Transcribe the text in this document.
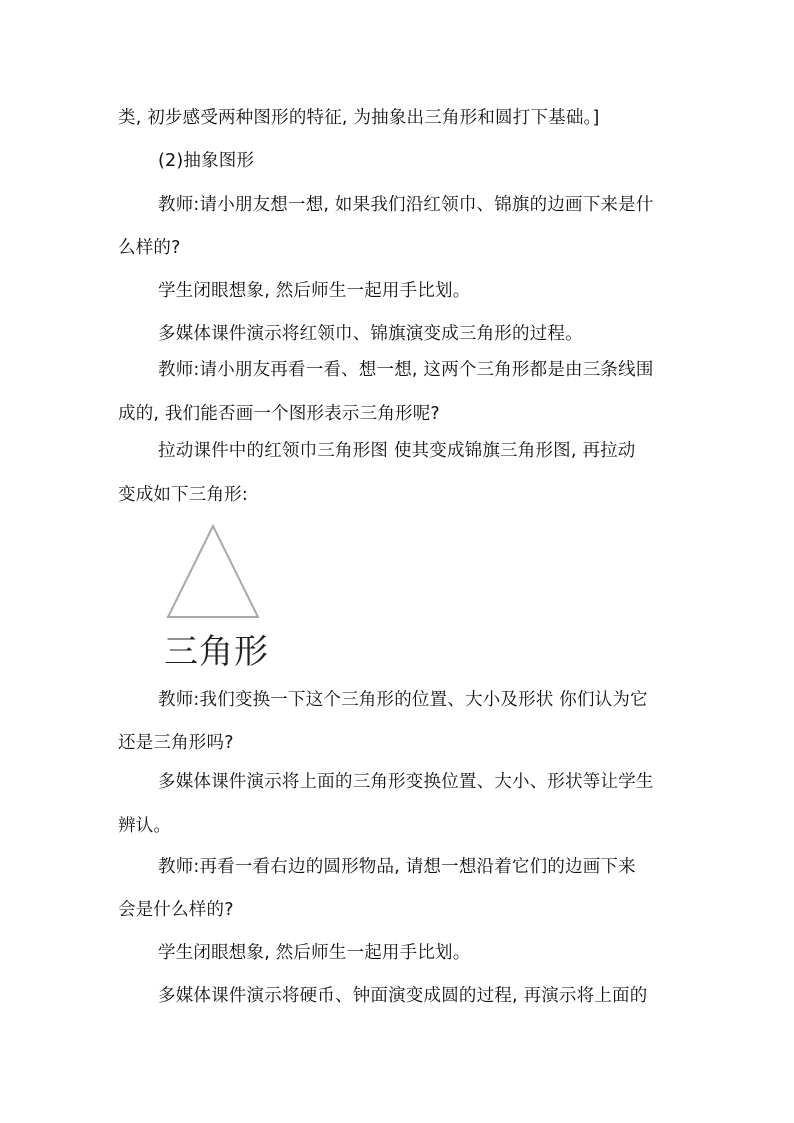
类, 初步感受两种图形的特征, 为抽象出三角形和圆打下基础。]
(2)抽象图形
教师:请小朋友想一想, 如果我们沿红领巾、锦旗的边画下来是什
么样的?
学生闭眼想象, 然后师生一起用手比划。
多媒体课件演示将红领巾、锦旗演变成三角形的过程。
教师:请小朋友再看一看、想一想, 这两个三角形都是由三条线围
成的, 我们能否画一个图形表示三角形呢?
拉动课件中的红领巾三角形图 使其变成锦旗三角形图, 再拉动
变成如下三角形:
三角形
教师:我们变换一下这个三角形的位置、大小及形状 你们认为它
还是三角形吗?
多媒体课件演示将上面的三角形变换位置、大小、形状等让学生
辨认。
教师:再看一看右边的圆形物品, 请想一想沿着它们的边画下来
会是什么样的?
学生闭眼想象, 然后师生一起用手比划。
多媒体课件演示将硬币、钟面演变成圆的过程, 再演示将上面的
